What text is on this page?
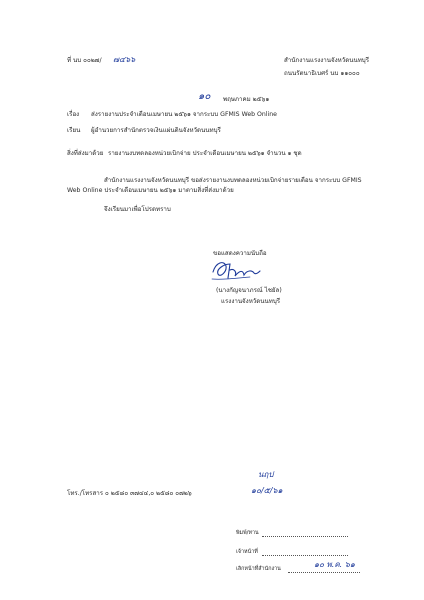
ที่ นบ ๐๐๒๗/ ๗๔๖๖	สำนักงานแรงงานจังหวัดนนทบุรี
ถนนรัตนาธิเบศร์ นบ ๑๑๐๐๐
๑๐ พฤษภาคม ๒๕๖๑
เรื่อง ส่งรายงานประจำเดือนเมษายน ๒๕๖๑ จากระบบ GFMIS Web Online
เรียน ผู้อำนวยการสำนักตรวจเงินแผ่นดินจังหวัดนนทบุรี
สิ่งที่ส่งมาด้วย รายงานงบทดลองหน่วยเบิกจ่าย ประจำเดือนเมษายน ๒๕๖๑ จำนวน ๑ ชุด
สำนักงานแรงงานจังหวัดนนทบุรี ขอส่งรายงานงบทดลองหน่วยเบิกจ่ายรายเดือน จากระบบ GFMIS
Web Online ประจำเดือนเมษายน ๒๕๖๑ มาตามสิ่งที่ส่งมาด้วย
จึงเรียนมาเพื่อโปรดทราบ
ขอแสดงความนับถือ
(นางกัญจนาภรณ์ ไชยัล)
แรงงานจังหวัดนนทบุรี
นฤป
๑๐/๕/๖๑
โทร./โทรสาร ๐ ๒๕๘๐ ๓๗๔๔,๐ ๒๕๘๐ ๐๗๒๖
พิมพ์/ทาน
เจ้าหน้าที่
เลิกหน้าที่สำนักงาน	๑๐ พ.ค. ๖๑
